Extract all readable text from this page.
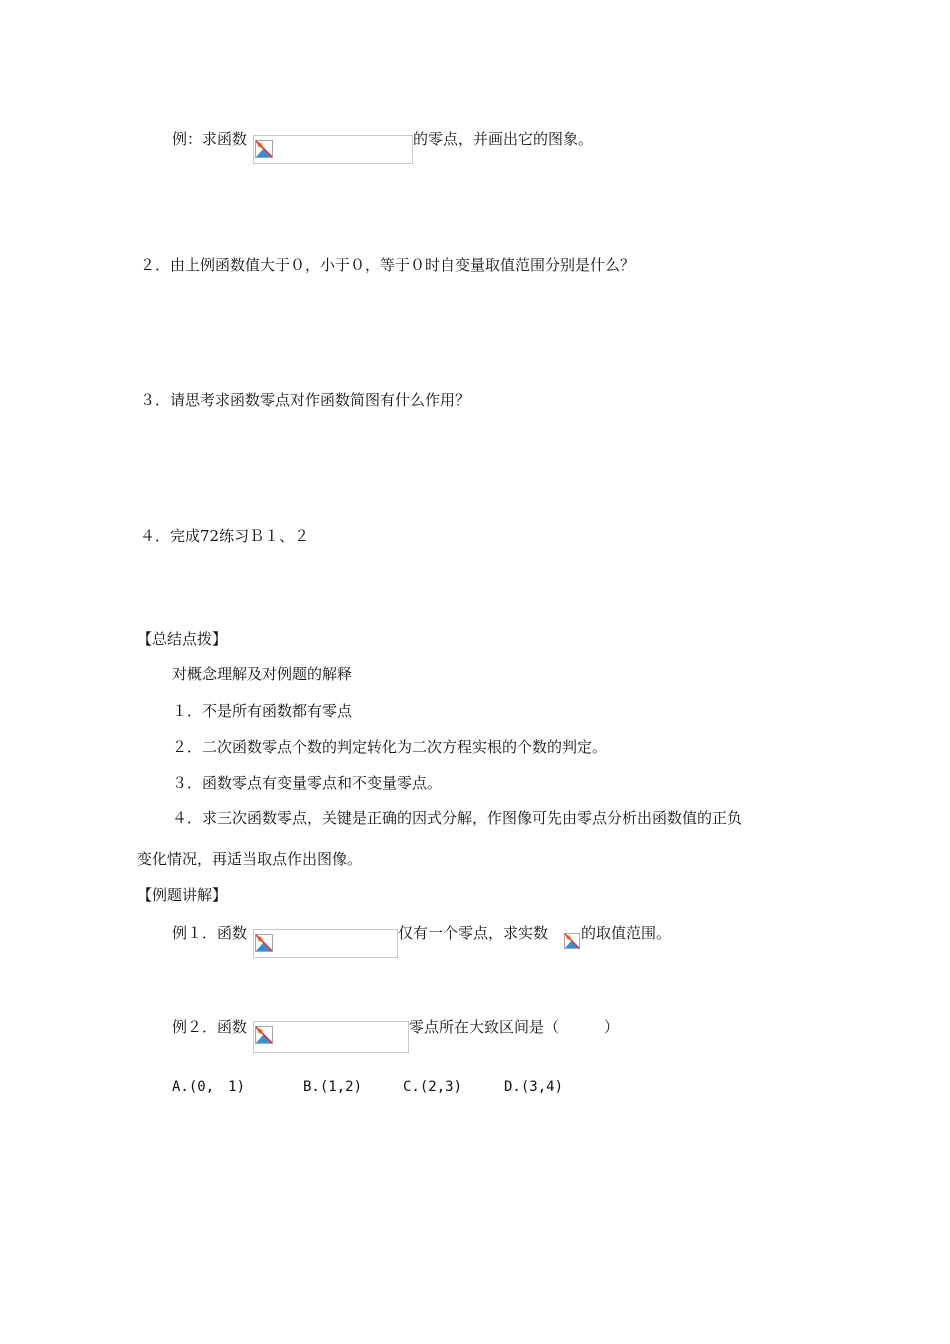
例：求函数	的零点，并画出它的图象。
２．由上例函数值大于０，小于０，等于０时自变量取值范围分别是什么？
３．请思考求函数零点对作函数简图有什么作用？
４．完成72练习Ｂ１、２
【总结点拨】
对概念理解及对例题的解释
１．不是所有函数都有零点
２．二次函数零点个数的判定转化为二次方程实根的个数的判定。
３．函数零点有变量零点和不变量零点。
４．求三次函数零点，关键是正确的因式分解，作图像可先由零点分析出函数值的正负
变化情况，再适当取点作出图像。
【例题讲解】
例１．函数	仅有一个零点，求实数 的取值范围。
例２．函数	零点所在大致区间是（　　　）
A.(0,　1)	B.(1,2)	C.(2,3)	D.(3,4)
